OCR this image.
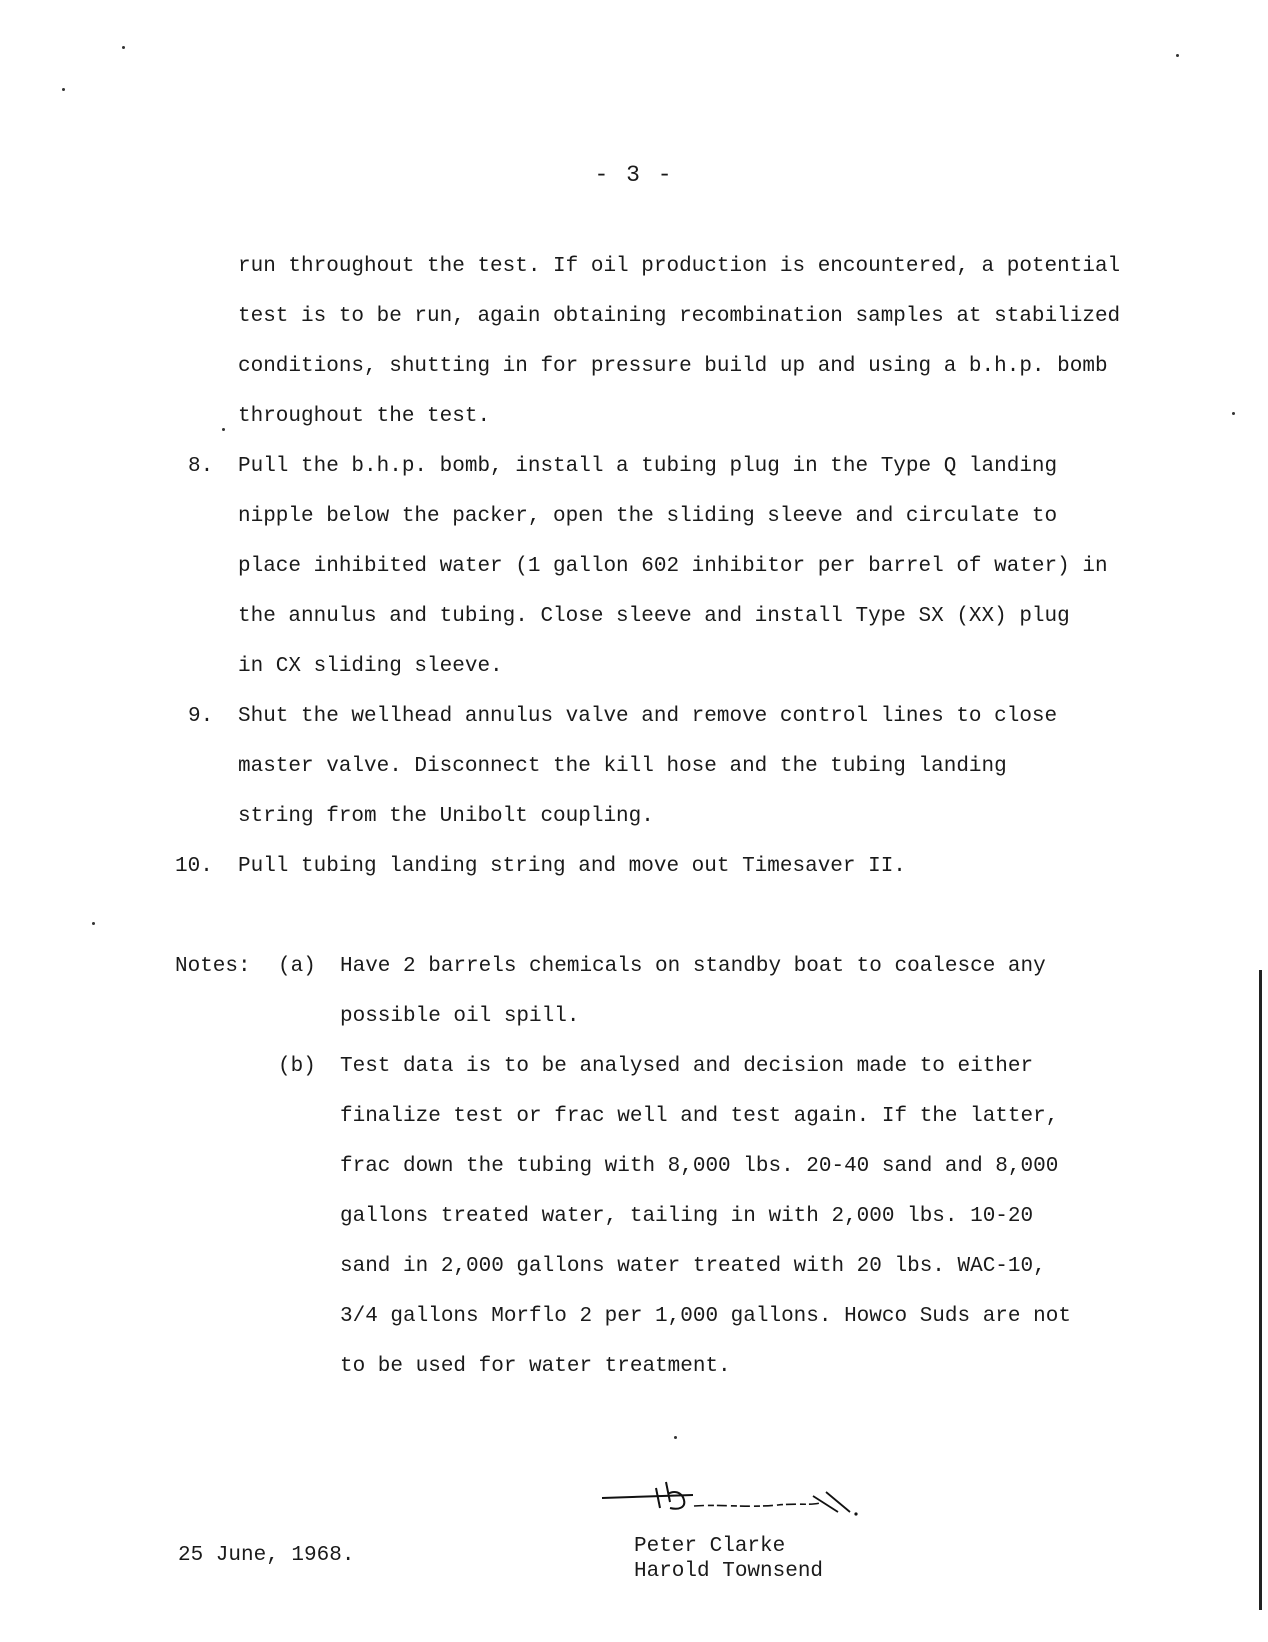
- 3 -
run throughout the test. If oil production is encountered, a potential
test is to be run, again obtaining recombination samples at stabilized
conditions, shutting in for pressure build up and using a b.h.p. bomb
throughout the test.
8. Pull the b.h.p. bomb, install a tubing plug in the Type Q landing
nipple below the packer, open the sliding sleeve and circulate to
place inhibited water (1 gallon 602 inhibitor per barrel of water) in
the annulus and tubing. Close sleeve and install Type SX (XX) plug
in CX sliding sleeve.
9. Shut the wellhead annulus valve and remove control lines to close
master valve. Disconnect the kill hose and the tubing landing
string from the Unibolt coupling.
10. Pull tubing landing string and move out Timesaver II.
Notes: (a) Have 2 barrels chemicals on standby boat to coalesce any
possible oil spill.
(b) Test data is to be analysed and decision made to either
finalize test or frac well and test again. If the latter,
frac down the tubing with 8,000 lbs. 20-40 sand and 8,000
gallons treated water, tailing in with 2,000 lbs. 10-20
sand in 2,000 gallons water treated with 20 lbs. WAC-10,
3/4 gallons Morflo 2 per 1,000 gallons. Howco Suds are not
to be used for water treatment.
25 June, 1968.	Peter Clarke
Harold Townsend
